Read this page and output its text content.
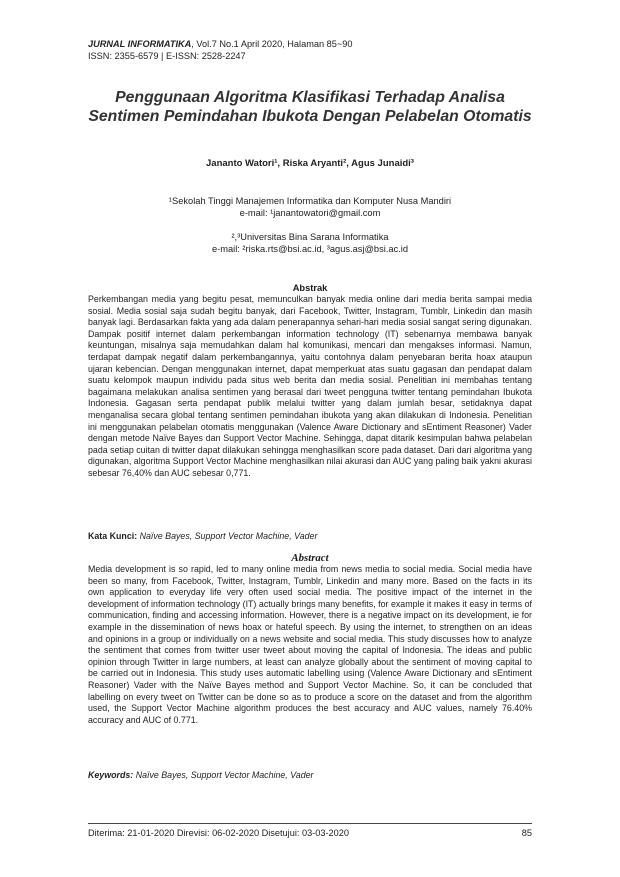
JURNAL INFORMATIKA, Vol.7 No.1 April 2020, Halaman 85~90
ISSN: 2355-6579 | E-ISSN: 2528-2247
Penggunaan Algoritma Klasifikasi Terhadap Analisa Sentimen Pemindahan Ibukota Dengan Pelabelan Otomatis
Jananto Watori¹, Riska Aryanti², Agus Junaidi³
¹Sekolah Tinggi Manajemen Informatika dan Komputer Nusa Mandiri
e-mail: ¹janantowatori@gmail.com
²,³Universitas Bina Sarana Informatika
e-mail: ²riska.rts@bsi.ac.id, ³agus.asj@bsi.ac.id
Abstrak
Perkembangan media yang begitu pesat, memunculkan banyak media online dari media berita sampai media sosial. Media sosial saja sudah begitu banyak, dari Facebook, Twitter, Instagram, Tumblr, Linkedin dan masih banyak lagi. Berdasarkan fakta yang ada dalam penerapannya sehari-hari media sosial sangat sering digunakan. Dampak positif internet dalam perkembangan information technology (IT) sebenarnya membawa banyak keuntungan, misalnya saja memudahkan dalam hal komunikasi, mencari dan mengakses informasi. Namun, terdapat dampak negatif dalam perkembangannya, yaitu contohnya dalam penyebaran berita hoax ataupun ujaran kebencian. Dengan menggunakan internet, dapat memperkuat atas suatu gagasan dan pendapat dalam suatu kelompok maupun individu pada situs web berita dan media sosial. Penelitian ini membahas tentang bagaimana melakukan analisa sentimen yang berasal dari tweet pengguna twitter tentang pemindahan Ibukota Indonesia. Gagasan serta pendapat publik melalui twitter yang dalam jumlah besar, setidaknya dapat menganalisa secara global tentang sentimen pemindahan ibukota yang akan dilakukan di Indonesia. Penelitian ini menggunakan pelabelan otomatis menggunakan (Valence Aware Dictionary and sEntiment Reasoner) Vader dengan metode Naïve Bayes dan Support Vector Machine. Sehingga, dapat ditarik kesimpulan bahwa pelabelan pada setiap cuitan di twitter dapat dilakukan sehingga menghasilkan score pada dataset. Dari dari algoritma yang digunakan, algoritma Support Vector Machine menghasilkan nilai akurasi dan AUC yang paling baik yakni akurasi sebesar 76,40% dan AUC sebesar 0,771.
Kata Kunci: Naïve Bayes, Support Vector Machine, Vader
Abstract
Media development is so rapid, led to many online media from news media to social media. Social media have been so many, from Facebook, Twitter, Instagram, Tumblr, Linkedin and many more. Based on the facts in its own application to everyday life very often used social media. The positive impact of the internet in the development of information technology (IT) actually brings many benefits, for example it makes it easy in terms of communication, finding and accessing information. However, there is a negative impact on its development, ie for example in the dissemination of news hoax or hateful speech. By using the internet, to strengthen on an ideas and opinions in a group or individually on a news website and social media. This study discusses how to analyze the sentiment that comes from twitter user tweet about moving the capital of Indonesia. The ideas and public opinion through Twitter in large numbers, at least can analyze globally about the sentiment of moving capital to be carried out in Indonesia. This study uses automatic labelling using (Valence Aware Dictionary and sEntiment Reasoner) Vader with the Naïve Bayes method and Support Vector Machine. So, it can be concluded that labelling on every tweet on Twitter can be done so as to produce a score on the dataset and from the algorithm used, the Support Vector Machine algorithm produces the best accuracy and AUC values, namely 76.40% accuracy and AUC of 0.771.
Keywords: Naïve Bayes, Support Vector Machine, Vader
Diterima: 21-01-2020 Direvisi: 06-02-2020 Disetujui: 03-03-2020	85
